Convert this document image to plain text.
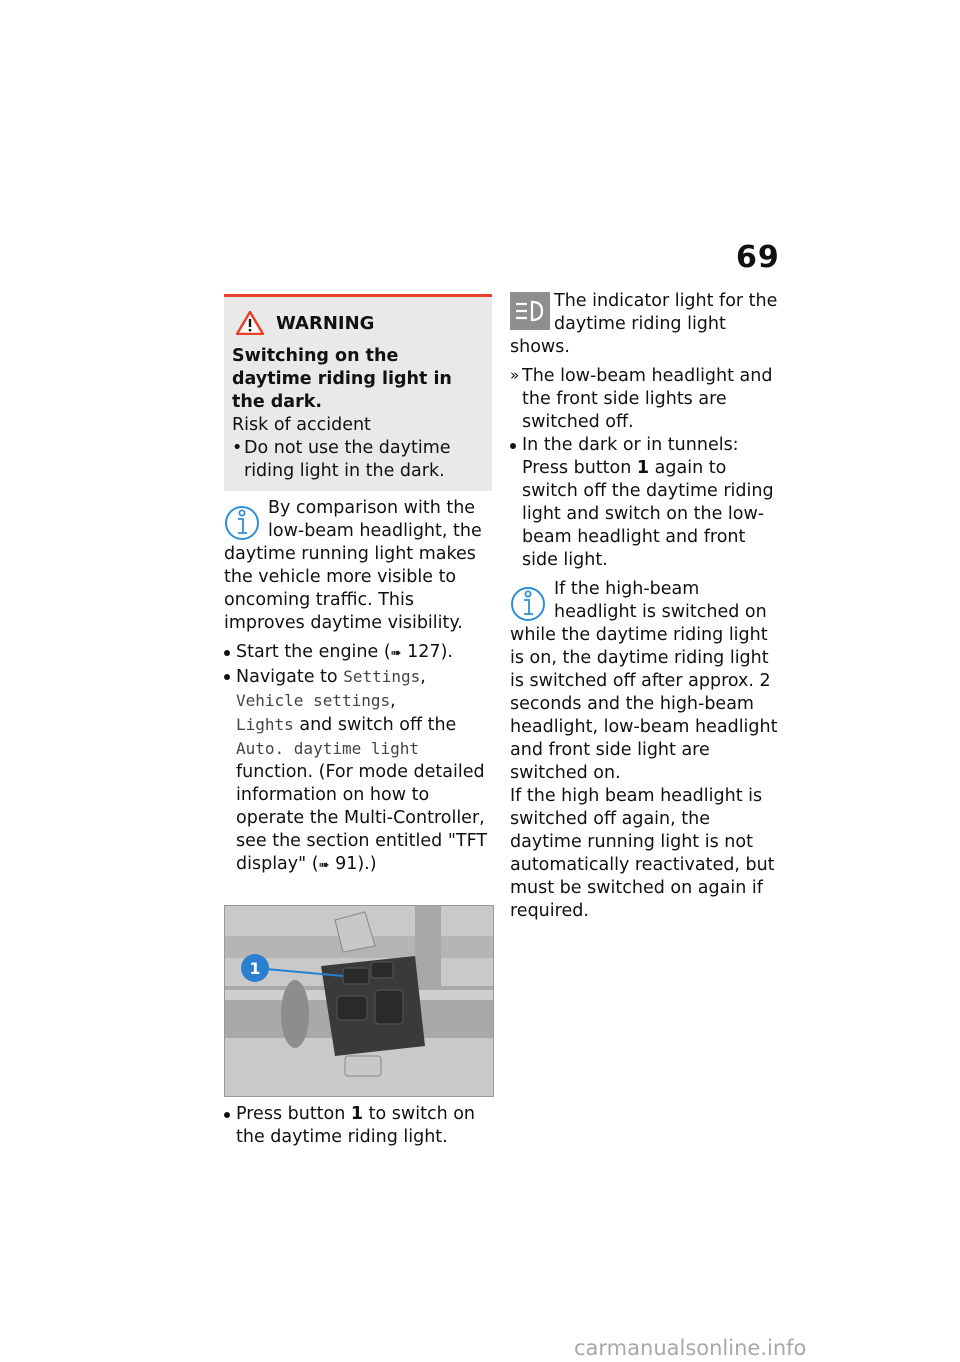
69
WARNING
Switching on the daytime riding light in the dark.
Risk of accident
• Do not use the daytime riding light in the dark.
By comparison with the low-beam headlight, the daytime running light makes the vehicle more visible to oncoming traffic. This improves daytime visibility.
Start the engine (➠ 127).
Navigate to Settings,
Vehicle settings,
Lights and switch off the
Auto. daytime light
function. (For mode detailed information on how to operate the Multi-Controller, see the section entitled "TFT display" (➠ 91).)
1
Press button 1 to switch on the daytime riding light.
The indicator light for the daytime riding light shows.
» The low-beam headlight and the front side lights are switched off.
In the dark or in tunnels: Press button 1 again to switch off the daytime riding light and switch on the low-beam headlight and front side light.
If the high-beam headlight is switched on while the daytime riding light is on, the daytime riding light is switched off after approx. 2 seconds and the high-beam headlight, low-beam headlight and front side light are switched on.
If the high beam headlight is switched off again, the daytime running light is not automatically reactivated, but must be switched on again if required.
carmanualsonline.info
